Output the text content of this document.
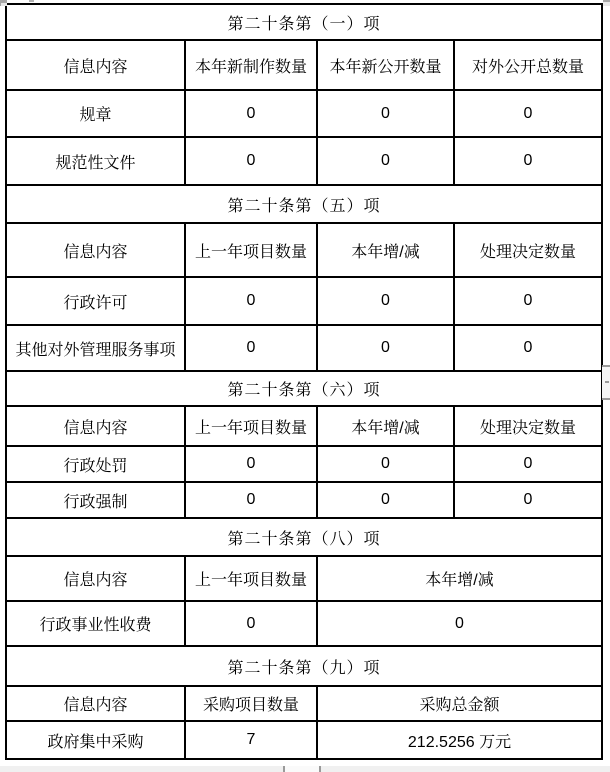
第二十条第（一）项			
信息内容	本年新制作数量	本年新公开数量	对外公开总数量
规章	0	0	0
规范性文件	0	0	0
第二十条第（五）项			
信息内容	上一年项目数量	本年增/减	处理决定数量
行政许可	0	0	0
其他对外管理服务事项	0	0	0
第二十条第（六）项			
信息内容	上一年项目数量	本年增/减	处理决定数量
行政处罚	0	0	0
行政强制	0	0	0
第二十条第（八）项			
信息内容	上一年项目数量	本年增/减	
行政事业性收费	0	0	
第二十条第（九）项			
信息内容	采购项目数量	采购总金额	
政府集中采购	7	212.5256 万元	
